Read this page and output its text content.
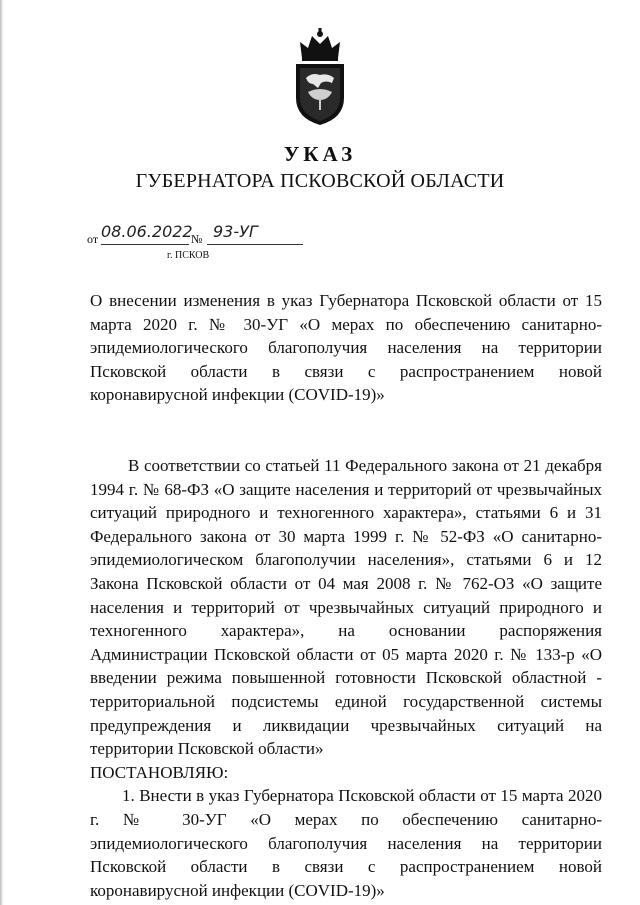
УКАЗ
ГУБЕРНАТОРА ПСКОВСКОЙ ОБЛАСТИ
от 08.06.2022
№ 93-УГ
г. ПСКОВ

О внесении изменения в указ Губернатора Псковской области от 15 марта 2020 г. № 30-УГ «О мерах по обеспечению санитарно-эпидемиологического благополучия населения на территории Псковской области в связи с распространением новой коронавирусной инфекции (COVID-19)»

В соответствии со статьей 11 Федерального закона от 21 декабря 1994 г. № 68-ФЗ «О защите населения и территорий от чрезвычайных ситуаций природного и техногенного характера», статьями 6 и 31 Федерального закона от 30 марта 1999 г. № 52-ФЗ «О санитарно-эпидемиологическом благополучии населения», статьями 6 и 12 Закона Псковской области от 04 мая 2008 г. № 762-ОЗ «О защите населения и территорий от чрезвычайных ситуаций природного и техногенного характера», на основании распоряжения Администрации Псковской области от 05 марта 2020 г. № 133-р «О введении режима повышенной готовности Псковской областной - территориальной подсистемы единой государственной системы предупреждения и ликвидации чрезвычайных ситуаций на территории Псковской области»

ПОСТАНОВЛЯЮ:

1. Внести в указ Губернатора Псковской области от 15 марта 2020 г. № 30-УГ «О мерах по обеспечению санитарно-эпидемиологического благополучия населения на территории Псковской области в связи с распространением новой коронавирусной инфекции (COVID-19)»
